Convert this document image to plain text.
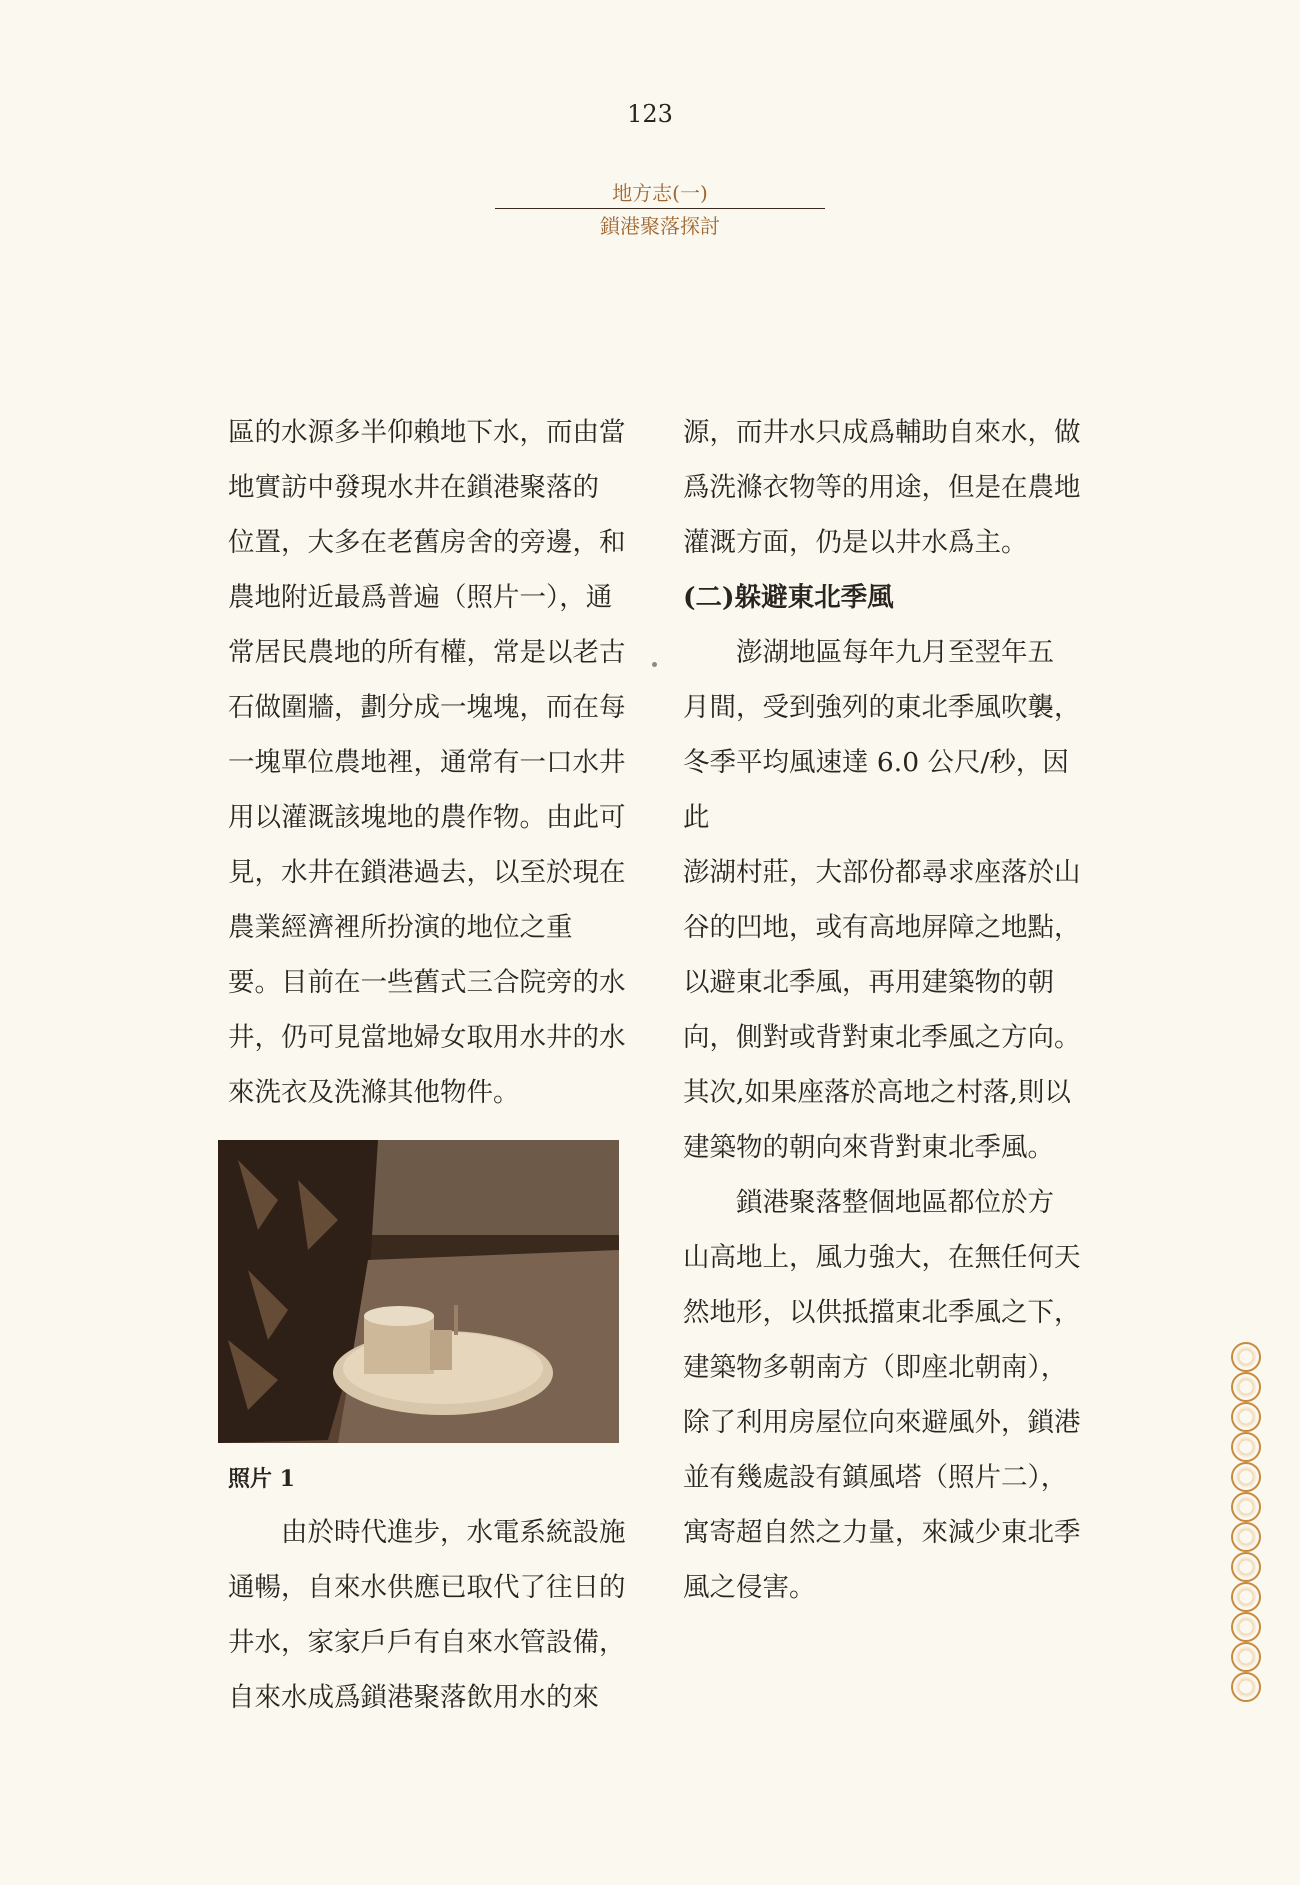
123
地方志(一)
鎖港聚落探討

區的水源多半仰賴地下水，而由當
地實訪中發現水井在鎖港聚落的
位置，大多在老舊房舍的旁邊，和
農地附近最爲普遍（照片一），通
常居民農地的所有權，常是以老古
石做圍牆，劃分成一塊塊，而在每
一塊單位農地裡，通常有一口水井
用以灌溉該塊地的農作物。由此可
見，水井在鎖港過去，以至於現在
農業經濟裡所扮演的地位之重
要。目前在一些舊式三合院旁的水
井，仍可見當地婦女取用水井的水
來洗衣及洗滌其他物件。

照片 1

由於時代進步，水電系統設施
通暢，自來水供應已取代了往日的
井水，家家戶戶有自來水管設備，
自來水成爲鎖港聚落飲用水的來

源，而井水只成爲輔助自來水，做
爲洗滌衣物等的用途，但是在農地
灌溉方面，仍是以井水爲主。

(二)躲避東北季風

澎湖地區每年九月至翌年五
月間，受到強列的東北季風吹襲，
冬季平均風速達 6.0 公尺/秒，因此
澎湖村莊，大部份都尋求座落於山
谷的凹地，或有高地屏障之地點，
以避東北季風，再用建築物的朝
向，側對或背對東北季風之方向。
其次,如果座落於高地之村落,則以
建築物的朝向來背對東北季風。

鎖港聚落整個地區都位於方
山高地上，風力強大，在無任何天
然地形，以供抵擋東北季風之下，
建築物多朝南方（即座北朝南），
除了利用房屋位向來避風外，鎖港
並有幾處設有鎮風塔（照片二），
寓寄超自然之力量，來減少東北季
風之侵害。
